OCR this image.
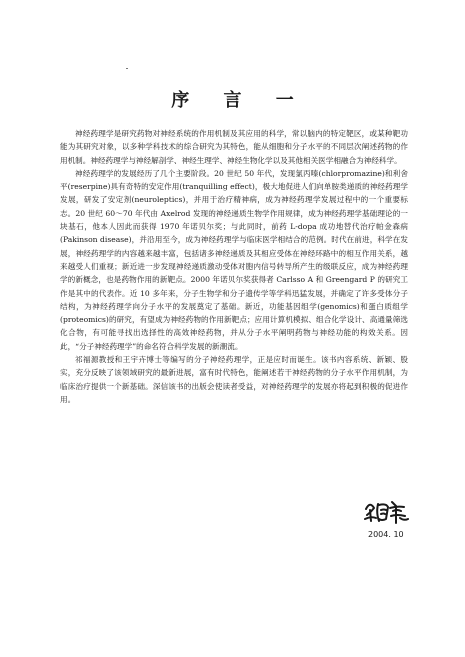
序 言 一

神经药理学是研究药物对神经系统的作用机制及其应用的科学，常以脑内的特定靶区，或某种靶功能为其研究对象，以多种学科技术的综合研究为其特色，能从细胞和分子水平的不同层次阐述药物的作用机制。神经药理学与神经解剖学、神经生理学、神经生物化学以及其他相关医学相融合为神经科学。

神经药理学的发展经历了几个主要阶段。20 世纪 50 年代，发现氯丙嗪(chlorpromazine)和利舍平(reserpine)具有奇特的安定作用(tranquilling effect)，极大地促进人们向单胺类递质的神经药理学发展，研发了安定剂(neuroleptics)，并用于治疗精神病，成为神经药理学发展过程中的一个重要标志。20 世纪 60～70 年代由 Axelrod 发现的神经递质生物学作用规律，成为神经药理学基础理论的一块基石，他本人因此而获得 1970 年诺贝尔奖；与此同时，前药 L-dopa 成功地替代治疗帕金森病(Pakinson disease)，并沿用至今，成为神经药理学与临床医学相结合的范例。时代在前进，科学在发展，神经药理学的内容越来越丰富，包括诸多神经递质及其相应受体在神经环路中的相互作用关系，越来越受人们重视；新近进一步发现神经递质激动受体对胞内信号转导所产生的级联反应，成为神经药理学的新概念，也是药物作用的新靶点。2000 年诺贝尔奖获得者 Carlsso A 和 Greengard P 的研究工作是其中的代表作。近 10 多年来，分子生物学和分子遗传学等学科迅猛发展，并确定了许多受体分子结构，为神经药理学向分子水平的发展奠定了基础。新近，功能基因组学(genomics)和蛋白质组学(proteomics)的研究，有望成为神经药物的作用新靶点；应用计算机模拟、组合化学设计、高通量筛选化合物，有可能寻找出选择性的高效神经药物，并从分子水平阐明药物与神经功能的构效关系。因此，“分子神经药理学”的命名符合科学发展的新潮流。

祁福源教授和王宇卉博士等编写的分子神经药理学，正是应时而诞生。该书内容系统、新颖、股实，充分反映了该领域研究的最新进展，富有时代特色，能阐述若干神经药物的分子水平作用机制，为临床治疗提供一个新基础。深信该书的出版会使读者受益，对神经药理学的发展亦将起到积极的促进作用。

2004. 10
